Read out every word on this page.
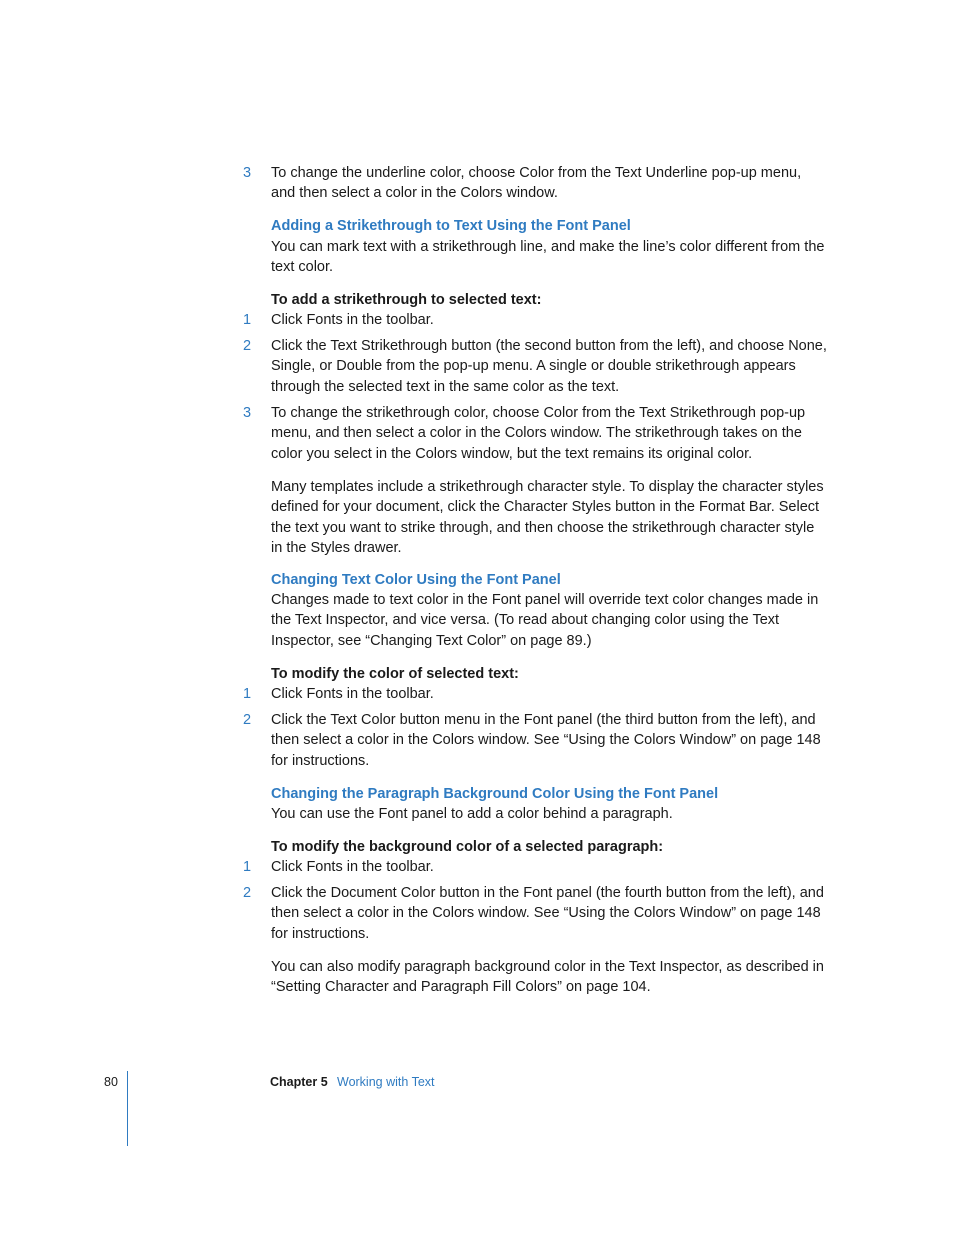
3	To change the underline color, choose Color from the Text Underline pop-up menu, and then select a color in the Colors window.
Adding a Strikethrough to Text Using the Font Panel
You can mark text with a strikethrough line, and make the line’s color different from the text color.
To add a strikethrough to selected text:
1	Click Fonts in the toolbar.
2	Click the Text Strikethrough button (the second button from the left), and choose None, Single, or Double from the pop-up menu. A single or double strikethrough appears through the selected text in the same color as the text.
3	To change the strikethrough color, choose Color from the Text Strikethrough pop-up menu, and then select a color in the Colors window. The strikethrough takes on the color you select in the Colors window, but the text remains its original color.
Many templates include a strikethrough character style. To display the character styles defined for your document, click the Character Styles button in the Format Bar. Select the text you want to strike through, and then choose the strikethrough character style in the Styles drawer.
Changing Text Color Using the Font Panel
Changes made to text color in the Font panel will override text color changes made in the Text Inspector, and vice versa. (To read about changing color using the Text Inspector, see “Changing Text Color” on page 89.)
To modify the color of selected text:
1	Click Fonts in the toolbar.
2	Click the Text Color button menu in the Font panel (the third button from the left), and then select a color in the Colors window. See “Using the Colors Window” on page 148 for instructions.
Changing the Paragraph Background Color Using the Font Panel
You can use the Font panel to add a color behind a paragraph.
To modify the background color of a selected paragraph:
1	Click Fonts in the toolbar.
2	Click the Document Color button in the Font panel (the fourth button from the left), and then select a color in the Colors window. See “Using the Colors Window” on page 148 for instructions.
You can also modify paragraph background color in the Text Inspector, as described in “Setting Character and Paragraph Fill Colors” on page 104.
80	Chapter 5 Working with Text
